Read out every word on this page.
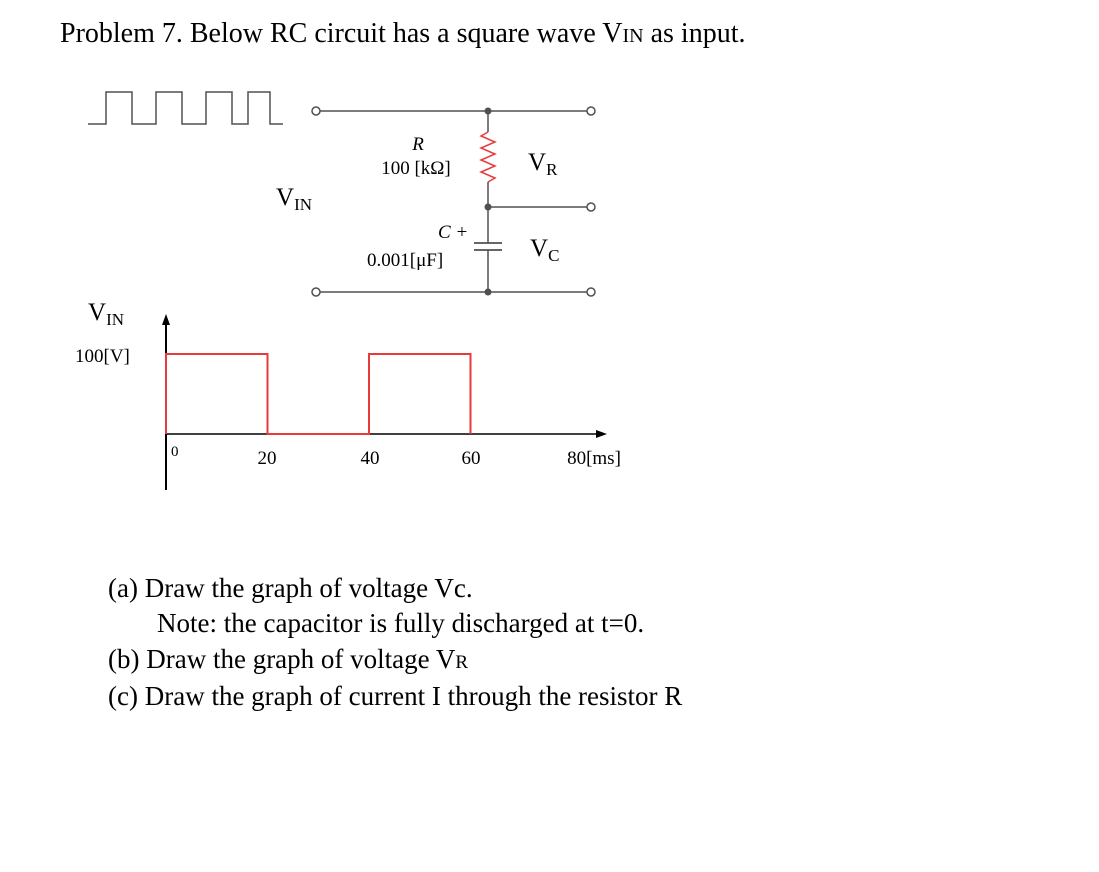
Problem 7. Below RC circuit has a square wave VIN as input.
R
100 [kΩ]
C +
0.001[μF]
$V_{IN}$
$V_R$
$V_C$
$V_{IN}$
100[V]
0	20	40	60	80[ms]
(a) Draw the graph of voltage Vc.
Note: the capacitor is fully discharged at t=0.
(b) Draw the graph of voltage VR
(c) Draw the graph of current I through the resistor R
